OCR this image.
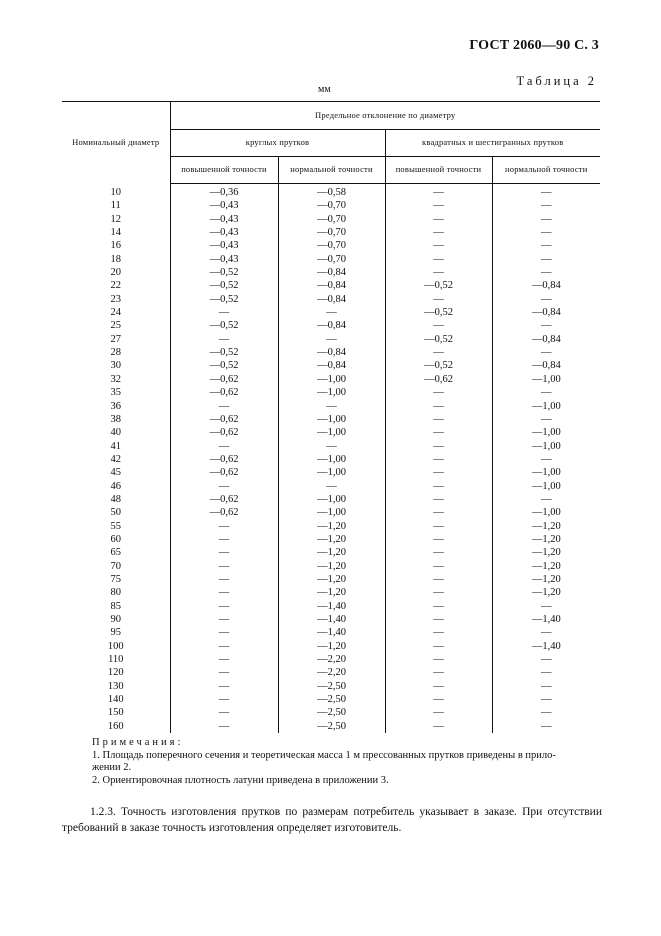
ГОСТ 2060—90 С. 3
Таблица 2
мм
Номинальный диаметр	Предельное отклонение по диаметру			
	круглых прутков		квадратных и шестигранных прутков	
	повышенной точности	нормальной точности	повышенной точности	нормальной точности
10	—0,36	—0,58	—	—
11	—0,43	—0,70	—	—
12	—0,43	—0,70	—	—
14	—0,43	—0,70	—	—
16	—0,43	—0,70	—	—
18	—0,43	—0,70	—	—
20	—0,52	—0,84	—	—
22	—0,52	—0,84	—0,52	—0,84
23	—0,52	—0,84	—	—
24	—	—	—0,52	—0,84
25	—0,52	—0,84	—	—
27	—	—	—0,52	—0,84
28	—0,52	—0,84	—	—
30	—0,52	—0,84	—0,52	—0,84
32	—0,62	—1,00	—0,62	—1,00
35	—0,62	—1,00	—	—
36	—	—	—	—1,00
38	—0,62	—1,00	—	—
40	—0,62	—1,00	—	—1,00
41	—	—	—	—1,00
42	—0,62	—1,00	—	—
45	—0,62	—1,00	—	—1,00
46	—	—	—	—1,00
48	—0,62	—1,00	—	—
50	—0,62	—1,00	—	—1,00
55	—	—1,20	—	—1,20
60	—	—1,20	—	—1,20
65	—	—1,20	—	—1,20
70	—	—1,20	—	—1,20
75	—	—1,20	—	—1,20
80	—	—1,20	—	—1,20
85	—	—1,40	—	—
90	—	—1,40	—	—1,40
95	—	—1,40	—	—
100	—	—1,20	—	—1,40
110	—	—2,20	—	—
120	—	—2,20	—	—
130	—	—2,50	—	—
140	—	—2,50	—	—
150	—	—2,50	—	—
160	—	—2,50	—	—

Примечания:

1. Площадь поперечного сечения и теоретическая масса 1 м прессованных прутков приведены в прило-

жении 2.

2. Ориентировочная плотность латуни приведена в приложении 3.

1.2.3. Точность изготовления прутков по размерам потребитель указывает в заказе. При отсутствии требований в заказе точность изготовления определяет изготовитель.
